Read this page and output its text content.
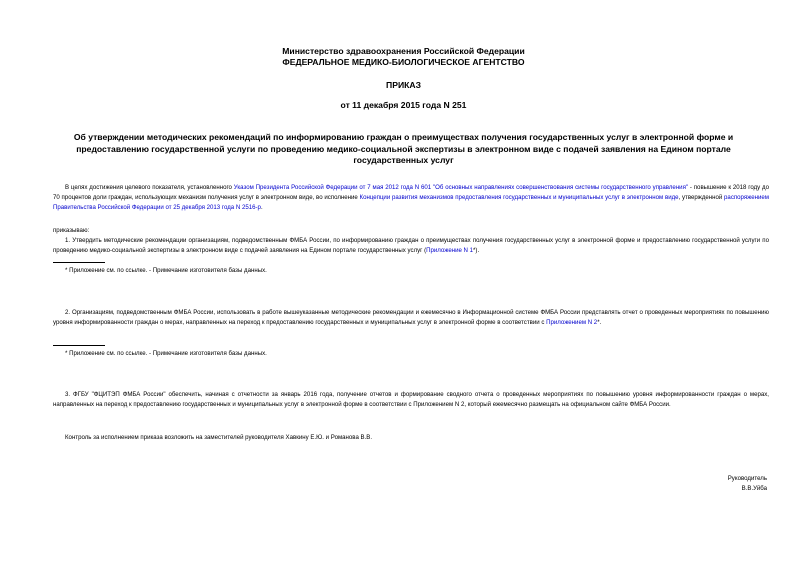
Министерство здравоохранения Российской Федерации
ФЕДЕРАЛЬНОЕ МЕДИКО-БИОЛОГИЧЕСКОЕ АГЕНТСТВО
ПРИКАЗ
от 11 декабря 2015 года N 251
Об утверждении методических рекомендаций по информированию граждан о преимуществах получения государственных услуг в электронной форме и предоставлению государственной услуги по проведению медико-социальной экспертизы в электронном виде с подачей заявления на Едином портале государственных услуг
В целях достижения целевого показателя, установленного Указом Президента Российской Федерации от 7 мая 2012 года N 601 "Об основных направлениях совершенствования системы государственного управления" - повышение к 2018 году до 70 процентов доли граждан, использующих механизм получения услуг в электронном виде, во исполнение Концепции развития механизмов предоставления государственных и муниципальных услуг в электронном виде, утвержденной распоряжением Правительства Российской Федерации от 25 декабря 2013 года N 2516-р.
приказываю:
1. Утвердить методические рекомендации организациям, подведомственным ФМБА России, по информированию граждан о преимуществах получения государственных услуг в электронной форме и предоставлению государственной услуги по проведению медико-социальной экспертизы в электронном виде с подачей заявления на Едином портале государственных услуг (Приложение N 1*).
* Приложение см. по ссылке. - Примечание изготовителя базы данных.
2. Организациям, подведомственным ФМБА России, использовать в работе вышеуказанные методические рекомендации и ежемесячно в Информационной системе ФМБА России представлять отчет о проведенных мероприятиях по повышению уровня информированности граждан о мерах, направленных на переход к предоставлению государственных и муниципальных услуг в электронной форме в соответствии с Приложением N 2*.
* Приложение см. по ссылке. - Примечание изготовителя базы данных.
3. ФГБУ "ФЦИТЭП ФМБА России" обеспечить, начиная с отчетности за январь 2016 года, получение отчетов и формирование сводного отчета о проведенных мероприятиях по повышению уровня информированности граждан о мерах, направленных на переход к предоставлению государственных и муниципальных услуг в электронной форме в соответствии с Приложением N 2, который ежемесячно размещать на официальном сайте ФМБА России.
Контроль за исполнением приказа возложить на заместителей руководителя Хавкину Е.Ю. и Романова В.В.
Руководитель
В.В.Уйба
